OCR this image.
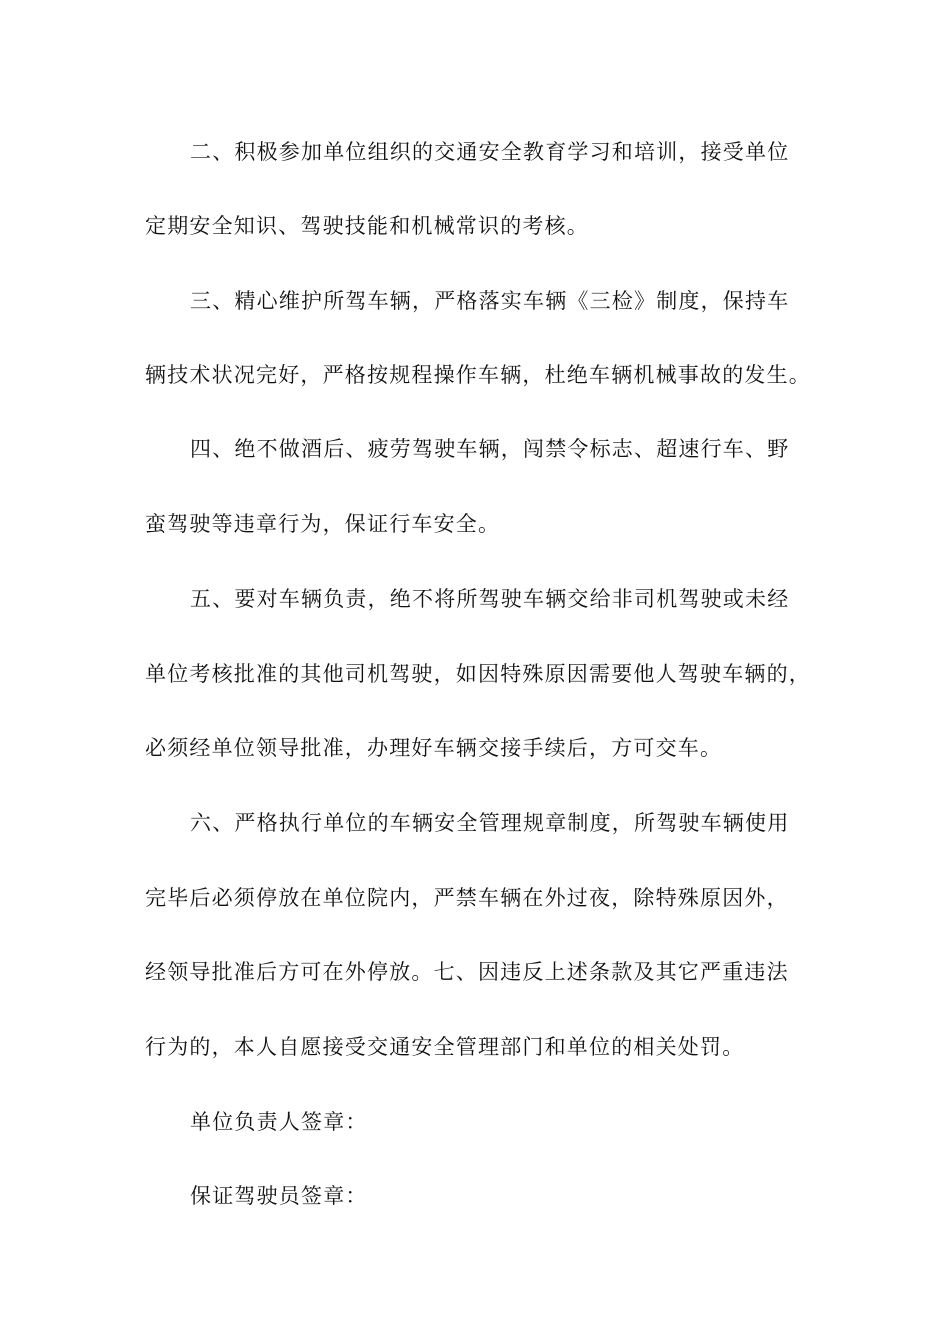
二、积极参加单位组织的交通安全教育学习和培训，接受单位
定期安全知识、驾驶技能和机械常识的考核。
三、精心维护所驾车辆，严格落实车辆《三检》制度，保持车
辆技术状况完好，严格按规程操作车辆，杜绝车辆机械事故的发生。
四、绝不做酒后、疲劳驾驶车辆，闯禁令标志、超速行车、野
蛮驾驶等违章行为，保证行车安全。
五、要对车辆负责，绝不将所驾驶车辆交给非司机驾驶或未经
单位考核批准的其他司机驾驶，如因特殊原因需要他人驾驶车辆的，
必须经单位领导批准，办理好车辆交接手续后，方可交车。
六、严格执行单位的车辆安全管理规章制度，所驾驶车辆使用
完毕后必须停放在单位院内，严禁车辆在外过夜，除特殊原因外，
经领导批准后方可在外停放。七、因违反上述条款及其它严重违法
行为的，本人自愿接受交通安全管理部门和单位的相关处罚。
单位负责人签章：
保证驾驶员签章：
